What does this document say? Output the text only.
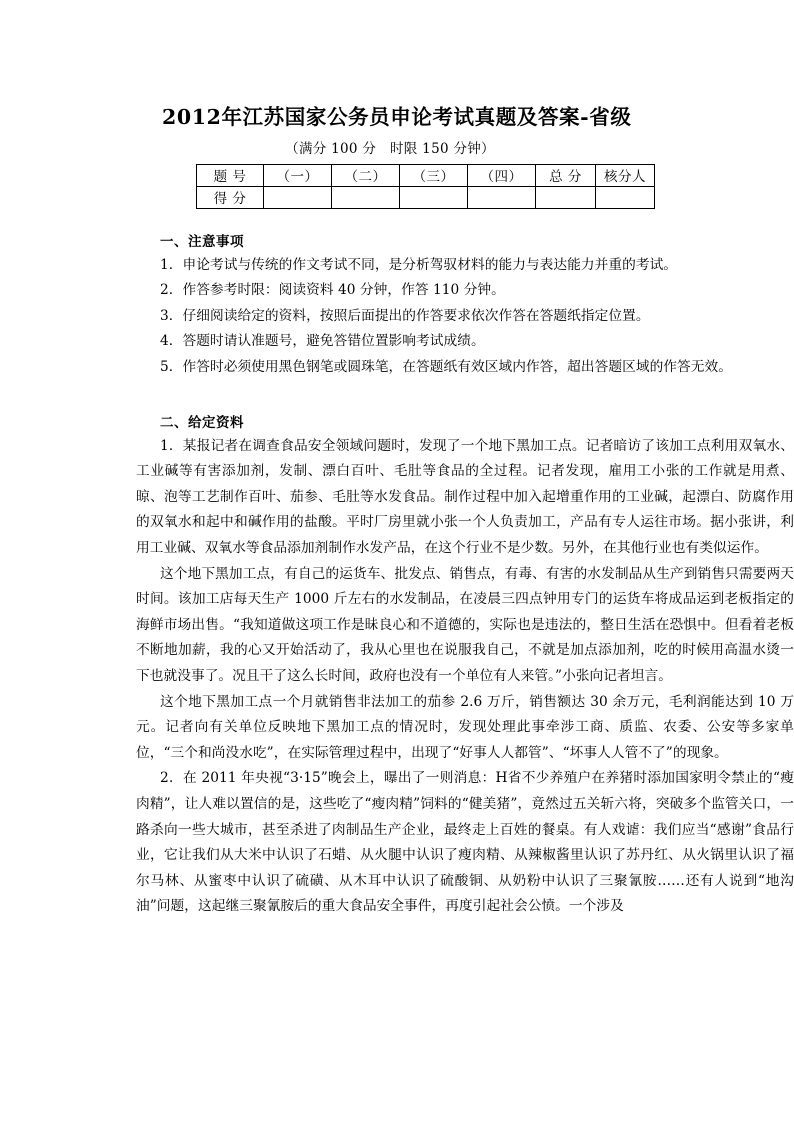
2012年江苏国家公务员申论考试真题及答案-省级
（满分 100 分　时限 150 分钟）
题 号	（一）	（二）	（三）	（四）	总 分	核分人
得 分						
一、注意事项

1．申论考试与传统的作文考试不同，是分析驾驭材料的能力与表达能力并重的考试。

2．作答参考时限：阅读资料 40 分钟，作答 110 分钟。

3．仔细阅读给定的资料，按照后面提出的作答要求依次作答在答题纸指定位置。

4．答题时请认准题号，避免答错位置影响考试成绩。

5．作答时必须使用黑色钢笔或圆珠笔，在答题纸有效区域内作答，超出答题区域的作答无效。

二、给定资料

1．某报记者在调查食品安全领域问题时，发现了一个地下黑加工点。记者暗访了该加工点利用双氧水、工业碱等有害添加剂，发制、漂白百叶、毛肚等食品的全过程。记者发现，雇用工小张的工作就是用煮、晾、泡等工艺制作百叶、茄参、毛肚等水发食品。制作过程中加入起增重作用的工业碱，起漂白、防腐作用的双氧水和起中和碱作用的盐酸。平时厂房里就小张一个人负责加工，产品有专人运往市场。据小张讲，利用工业碱、双氧水等食品添加剂制作水发产品，在这个行业不是少数。另外，在其他行业也有类似运作。

这个地下黑加工点，有自己的运货车、批发点、销售点，有毒、有害的水发制品从生产到销售只需要两天时间。该加工店每天生产 1000 斤左右的水发制品，在凌晨三四点钟用专门的运货车将成品运到老板指定的海鲜市场出售。“我知道做这项工作是昧良心和不道德的，实际也是违法的，整日生活在恐惧中。但看着老板不断地加薪，我的心又开始活动了，我从心里也在说服我自己，不就是加点添加剂，吃的时候用高温水烫一下也就没事了。况且干了这么长时间，政府也没有一个单位有人来管。”小张向记者坦言。

这个地下黑加工点一个月就销售非法加工的茄参 2.6 万斤，销售额达 30 余万元，毛利润能达到 10 万元。记者向有关单位反映地下黑加工点的情况时，发现处理此事牵涉工商、质监、农委、公安等多家单位，“三个和尚没水吃”，在实际管理过程中，出现了“好事人人都管”、“坏事人人管不了”的现象。

2．在 2011 年央视“3·15”晚会上，曝出了一则消息：H省不少养殖户在养猪时添加国家明令禁止的“瘦肉精”，让人难以置信的是，这些吃了“瘦肉精”饲料的“健美猪”，竟然过五关斩六将，突破多个监管关口，一路杀向一些大城市，甚至杀进了肉制品生产企业，最终走上百姓的餐桌。有人戏谑：我们应当“感谢”食品行业，它让我们从大米中认识了石蜡、从火腿中认识了瘦肉精、从辣椒酱里认识了苏丹红、从火锅里认识了福尔马林、从蜜枣中认识了硫磺、从木耳中认识了硫酸铜、从奶粉中认识了三聚氰胺……还有人说到“地沟油”问题，这起继三聚氰胺后的重大食品安全事件，再度引起社会公愤。一个涉及
